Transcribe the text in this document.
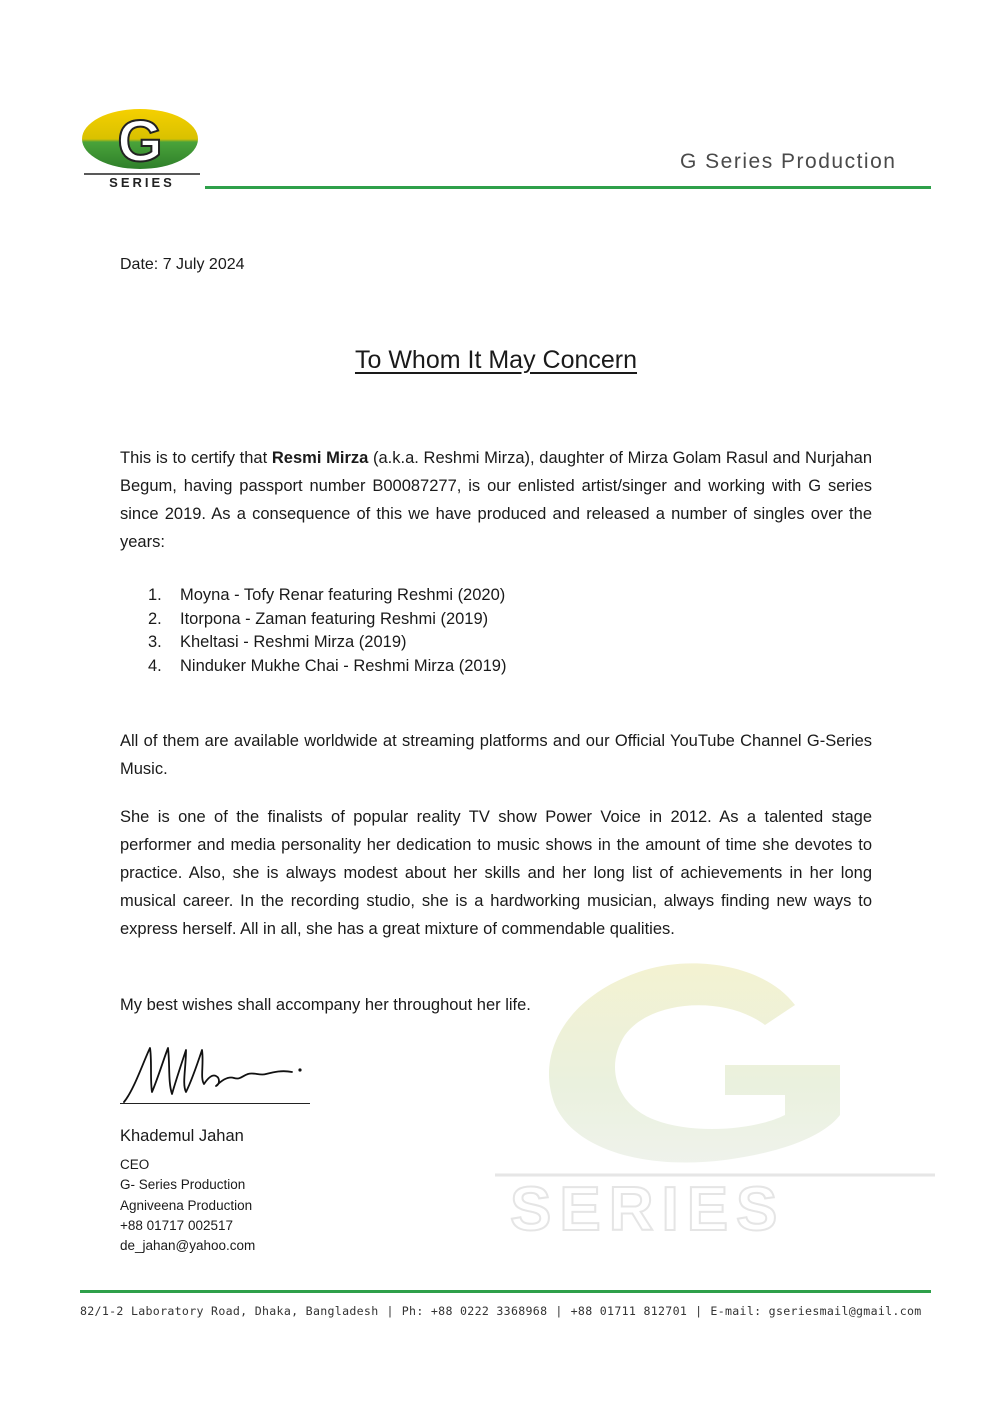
SERIES
G
SERIES
G Series Production
Date: 7 July 2024
To Whom It May Concern

This is to certify that Resmi Mirza (a.k.a. Reshmi Mirza), daughter of Mirza Golam Rasul and Nurjahan Begum, having passport number B00087277, is our enlisted artist/singer and working with G series since 2019. As a consequence of this we have produced and released a number of singles over the years:

1. Moyna - Tofy Renar featuring Reshmi (2020)
2. Itorpona - Zaman featuring Reshmi (2019)
3. Kheltasi - Reshmi Mirza (2019)
4. Ninduker Mukhe Chai - Reshmi Mirza (2019)

All of them are available worldwide at streaming platforms and our Official YouTube Channel G-Series Music.

She is one of the finalists of popular reality TV show Power Voice in 2012. As a talented stage performer and media personality her dedication to music shows in the amount of time she devotes to practice. Also, she is always modest about her skills and her long list of achievements in her long musical career. In the recording studio, she is a hardworking musician, always finding new ways to express herself. All in all, she has a great mixture of commendable qualities.

My best wishes shall accompany her throughout her life.

Khademul Jahan
CEO
G- Series Production
Agniveena Production
+88 01717 002517
de_jahan@yahoo.com
82/1-2 Laboratory Road, Dhaka, Bangladesh | Ph: +88 0222 3368968 | +88 01711 812701 | E-mail: gseriesmail@gmail.com
